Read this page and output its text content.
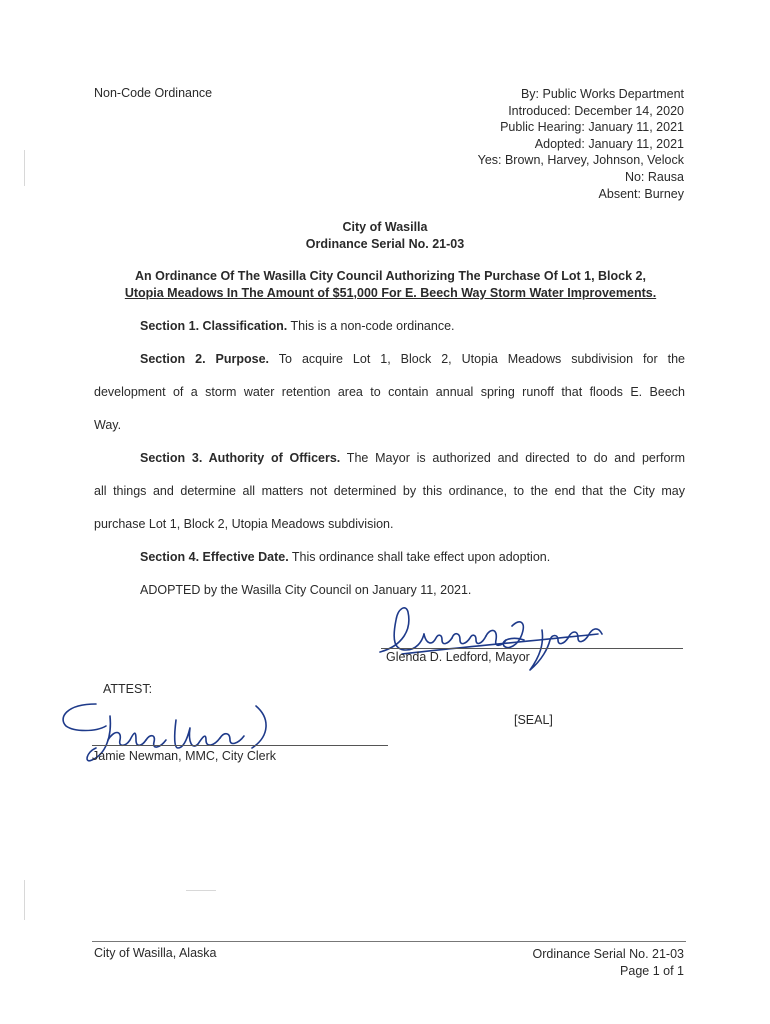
Non-Code Ordinance	By: Public Works Department
Introduced: December 14, 2020
Public Hearing: January 11, 2021
Adopted: January 11, 2021
Yes: Brown, Harvey, Johnson, Velock
No: Rausa
Absent: Burney
City of Wasilla
Ordinance Serial No. 21-03
An Ordinance Of The Wasilla City Council Authorizing The Purchase Of Lot 1, Block 2,
Utopia Meadows In The Amount of $51,000 For E. Beech Way Storm Water Improvements.
Section 1. Classification. This is a non-code ordinance.
Section 2. Purpose. To acquire Lot 1, Block 2, Utopia Meadows subdivision for the
development of a storm water retention area to contain annual spring runoff that floods E. Beech
Way.
Section 3. Authority of Officers. The Mayor is authorized and directed to do and perform
all things and determine all matters not determined by this ordinance, to the end that the City may
purchase Lot 1, Block 2, Utopia Meadows subdivision.
Section 4. Effective Date. This ordinance shall take effect upon adoption.
ADOPTED by the Wasilla City Council on January 11, 2021.
Glenda D. Ledford, Mayor
ATTEST:
[SEAL]
Jamie Newman, MMC, City Clerk
City of Wasilla, Alaska	Ordinance Serial No. 21-03
Page 1 of 1
